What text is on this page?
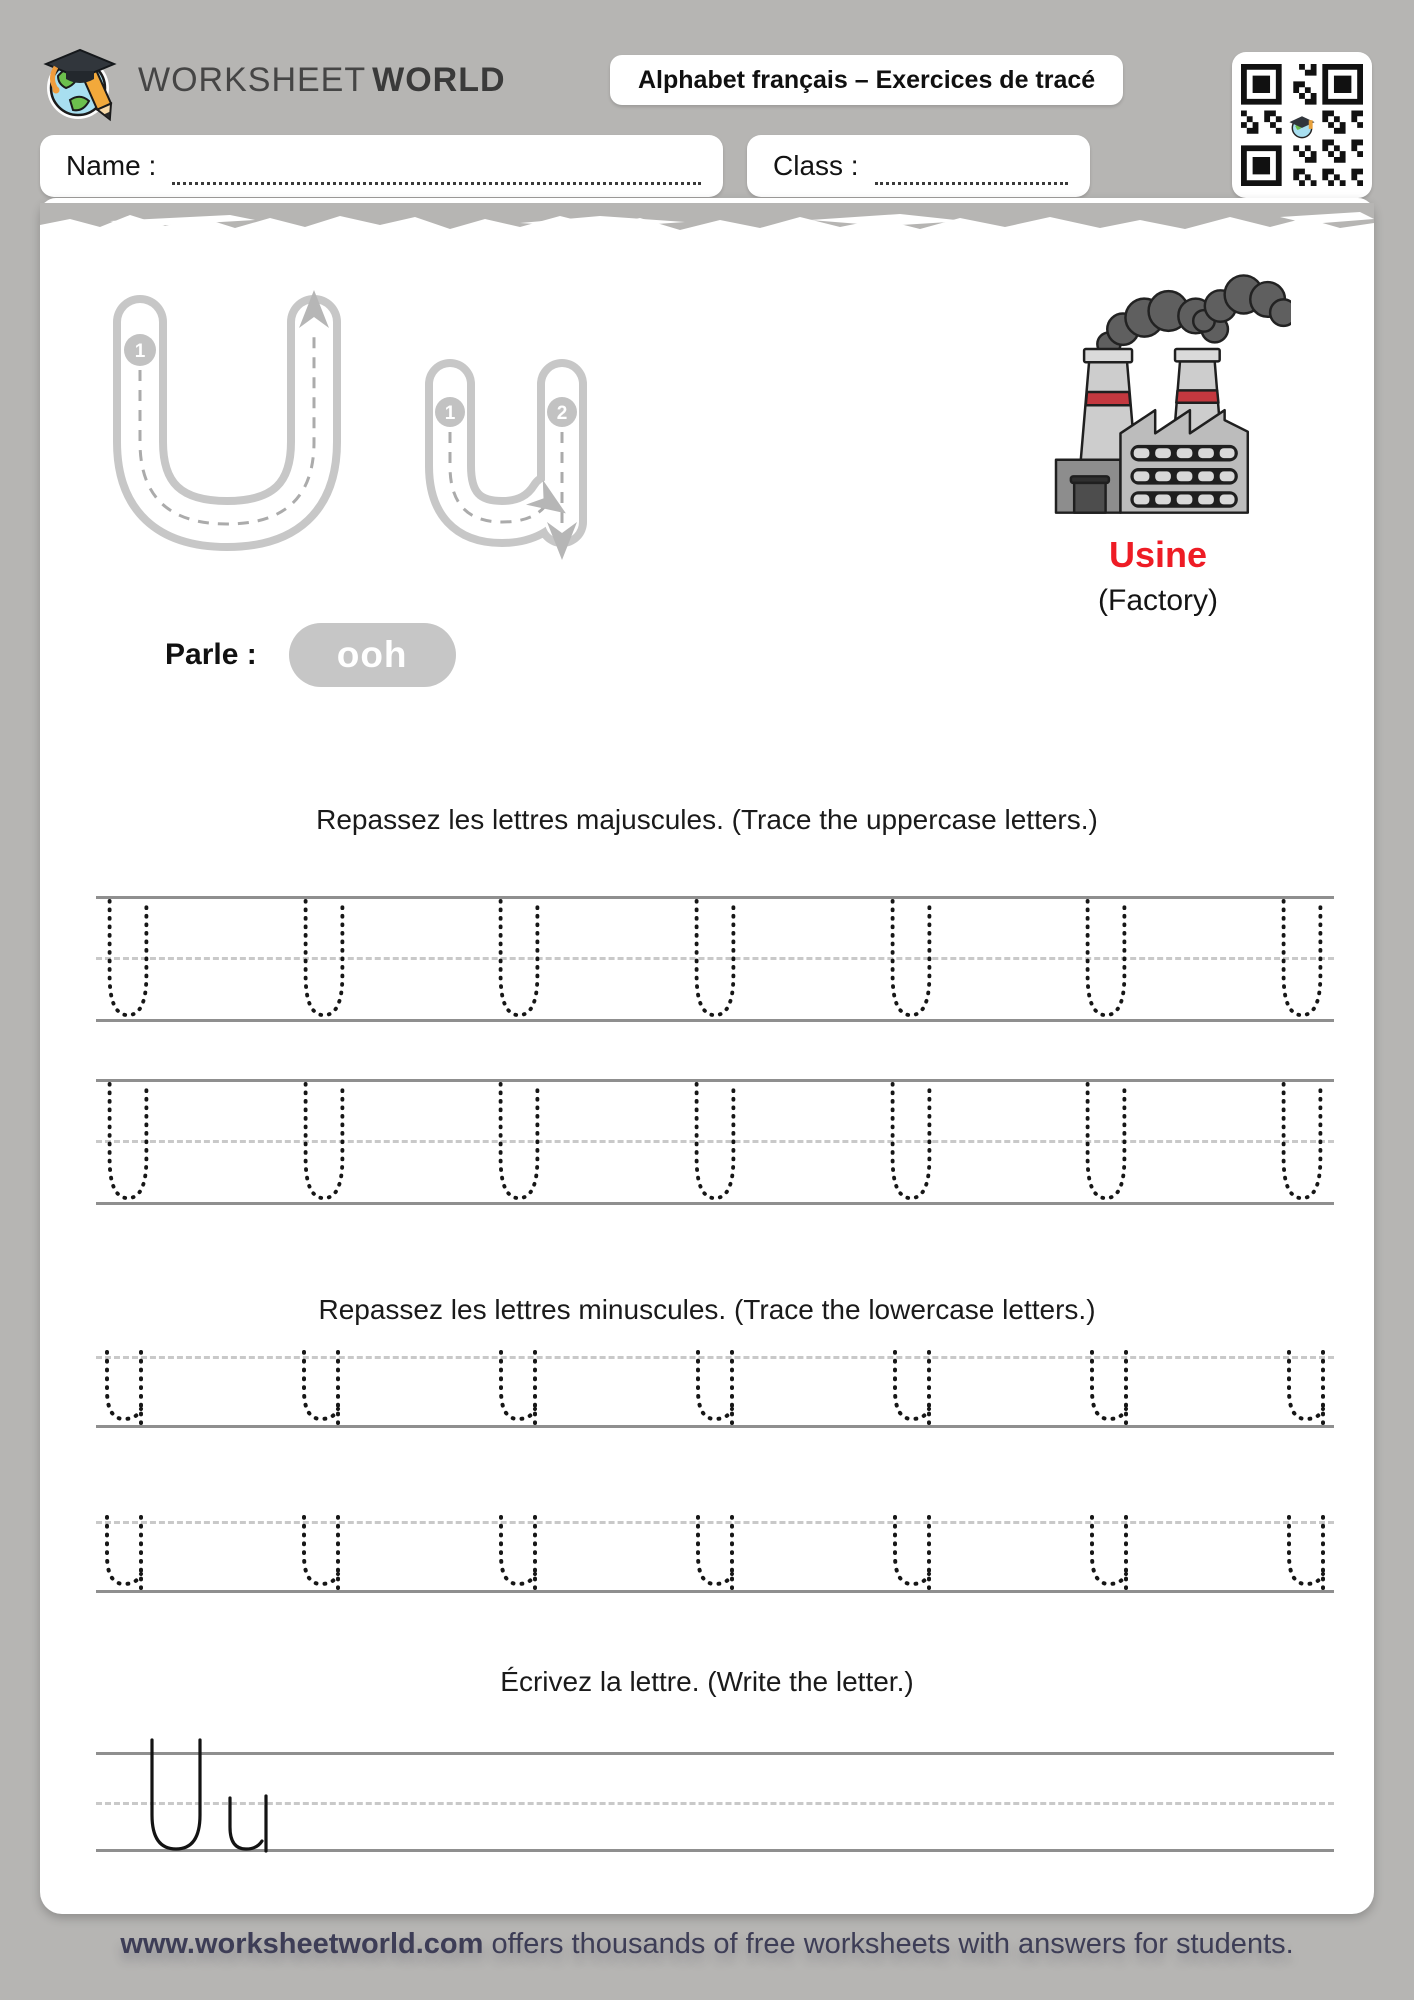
WORKSHEET WORLD	Alphabet français – Exercices de tracé
Name :	Class :
1
1	2
Parle :	ooh
Usine
(Factory)
Repassez les lettres majuscules. (Trace the uppercase letters.)
Repassez les lettres minuscules. (Trace the lowercase letters.)
Écrivez la lettre. (Write the letter.)
www.worksheetworld.com offers thousands of free worksheets with answers for students.
